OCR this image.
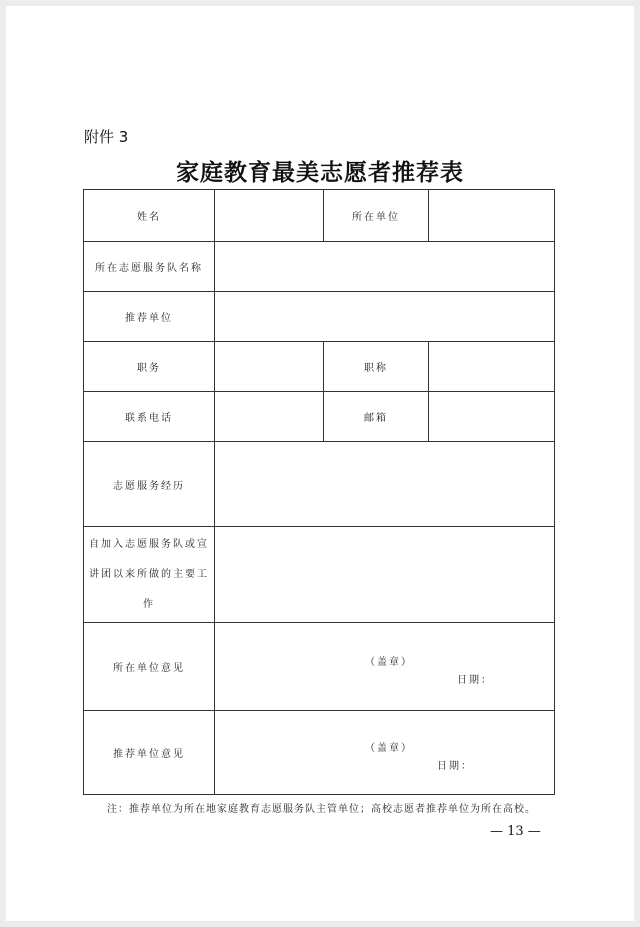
附件 3
家庭教育最美志愿者推荐表
姓名		所在单位	
所在志愿服务队名称			
推荐单位			
职务		职称	
联系电话		邮箱	
志愿服务经历			
自加入志愿服务队或宣讲团以来所做的主要工作			
所在单位意见	（盖章）
日期：		

推荐单位意见	（盖章）
日期：		
注：推荐单位为所在地家庭教育志愿服务队主管单位；高校志愿者推荐单位为所在高校。
— 13 —
